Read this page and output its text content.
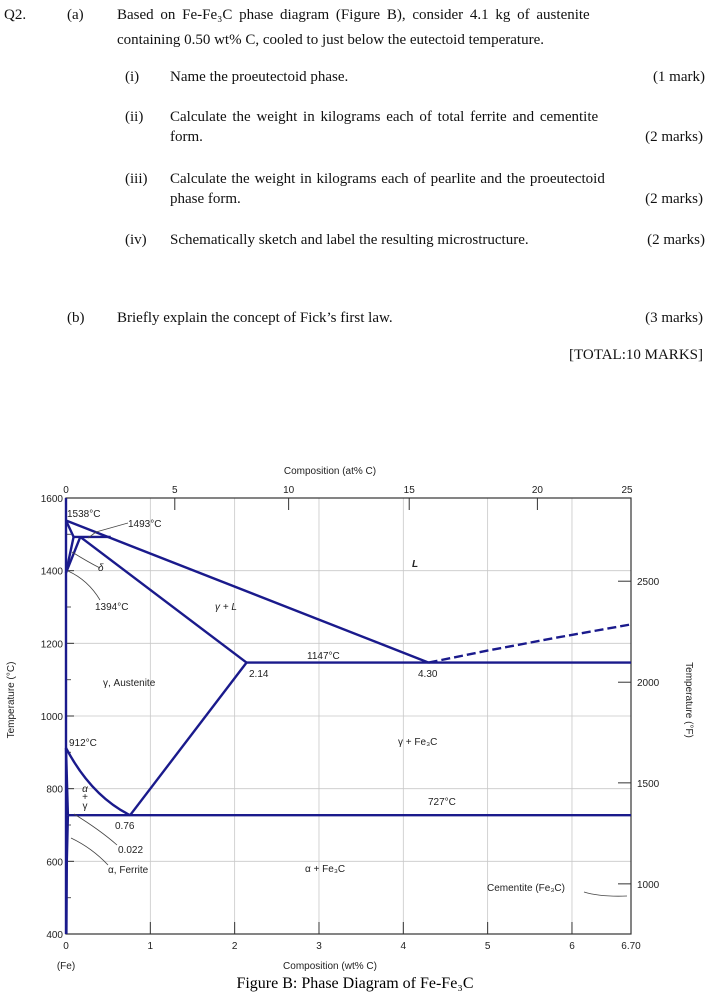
Q2.	(a) Based on Fe-Fe₃C phase diagram (Figure B), consider 4.1 kg of austenite
containing 0.50 wt% C, cooled to just below the eutectoid temperature.
(i) Name the proeutectoid phase.	(1 mark)
(ii) Calculate the weight in kilograms each of total ferrite and cementite
form.	(2 marks)
(iii) Calculate the weight in kilograms each of pearlite and the proeutectoid
phase form.	(2 marks)
(iv) Schematically sketch and label the resulting microstructure.	(2 marks)
(b) Briefly explain the concept of Fick’s first law.	(3 marks)
[TOTAL:10 MARKS]
1600
1400
1200
1000
800
600
400
2500
2000
1500
1000
0	1	2	3	4	5	6	6.70
0	5	10	15	20	25
Composition (at% C)
Composition (wt% C)
(Fe)
Temperature (°C)	Temperature (°F)
Figure B: Phase Diagram of Fe-Fe₃C
1538°C
1493°C
δ
1394°C	γ + L
L
1147°C
2.14	4.30
γ, Austenite
912°C	γ + Fe₃C
α
+
γ	727°C
0.76
0.022
α, Ferrite	α + Fe₃C
Cementite (Fe₃C)
